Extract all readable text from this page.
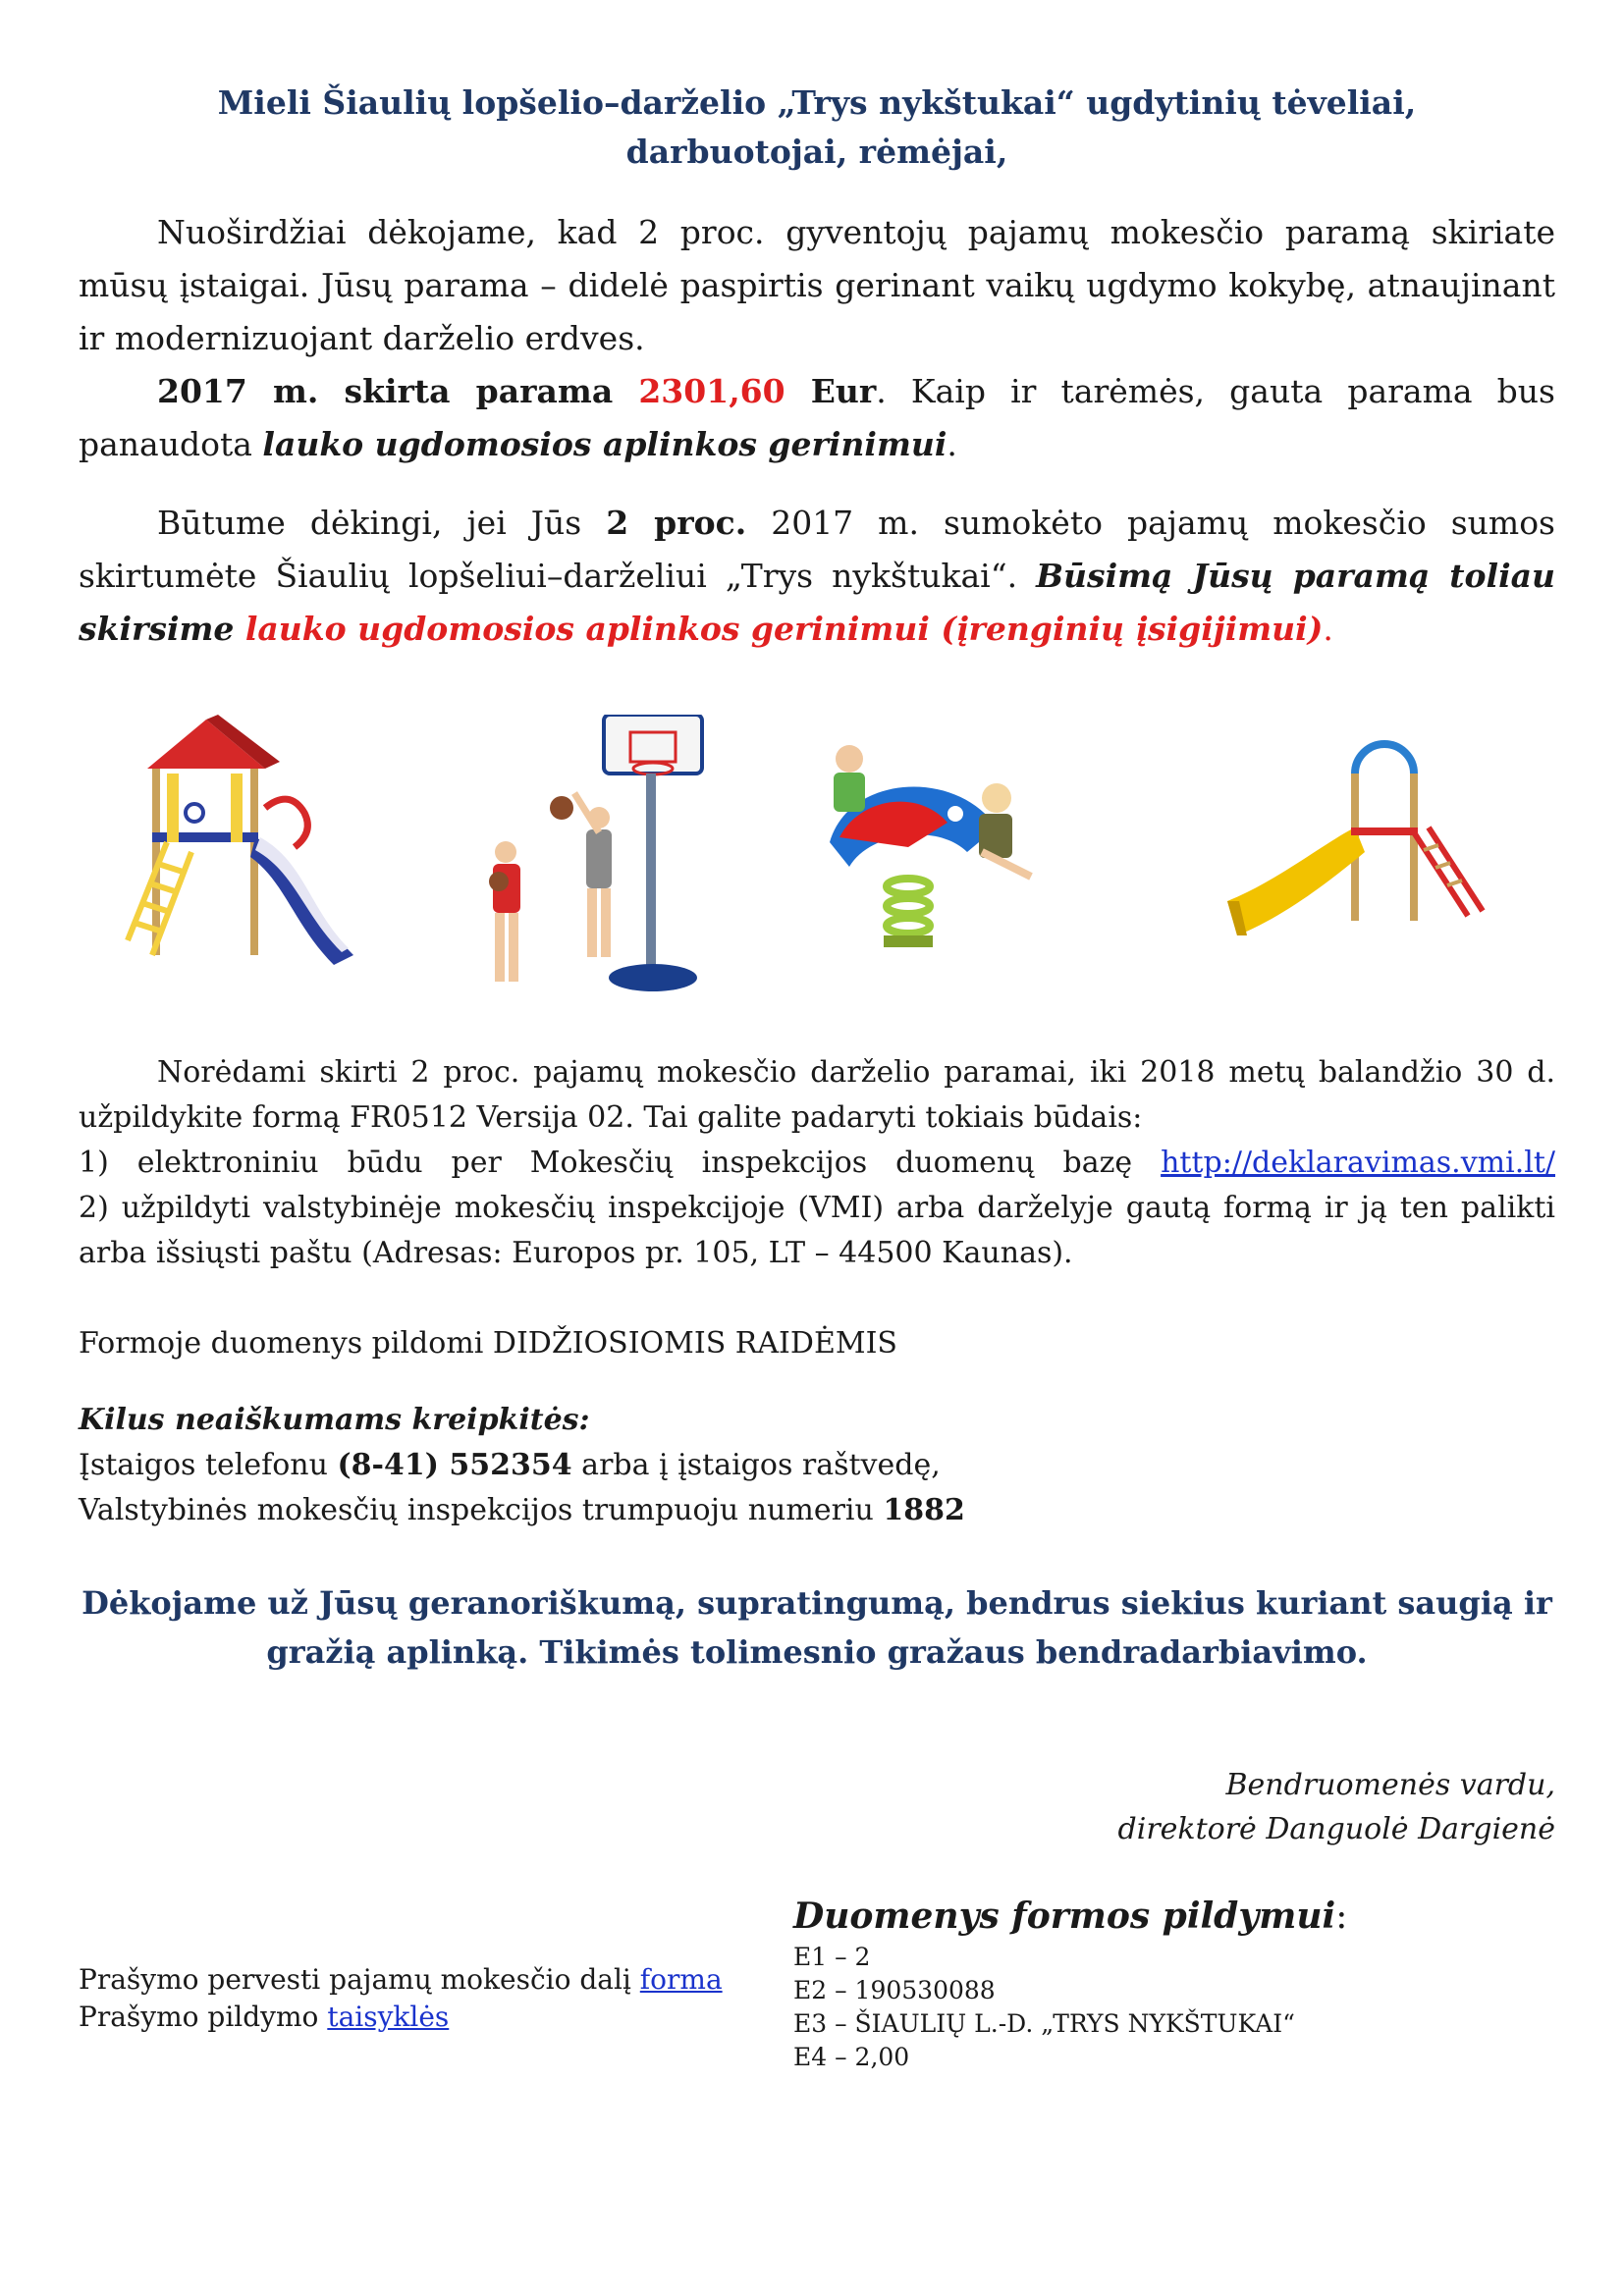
Mieli Šiaulių lopšelio–darželio „Trys nykštukai“ ugdytinių tėveliai,

darbuotojai, rėmėjai,

Nuoširdžiai dėkojame, kad 2 proc. gyventojų pajamų mokesčio paramą skiriate mūsų įstaigai. Jūsų parama – didelė paspirtis gerinant vaikų ugdymo kokybę, atnaujinant ir modernizuojant darželio erdves.

2017 m. skirta parama 2301,60 Eur. Kaip ir tarėmės, gauta parama bus panaudota lauko ugdomosios aplinkos gerinimui.

Būtume dėkingi, jei Jūs 2 proc. 2017 m. sumokėto pajamų mokesčio sumos skirtumėte Šiaulių lopšeliui–darželiui „Trys nykštukai“. Būsimą Jūsų paramą toliau skirsime lauko ugdomosios aplinkos gerinimui (įrenginių įsigijimui).

Norėdami skirti 2 proc. pajamų mokesčio darželio paramai, iki 2018 metų balandžio 30 d. užpildykite formą FR0512 Versija 02. Tai galite padaryti tokiais būdais:

1) elektroniniu būdu per Mokesčių inspekcijos duomenų bazę http://deklaravimas.vmi.lt/

2) užpildyti valstybinėje mokesčių inspekcijoje (VMI) arba darželyje gautą formą ir ją ten palikti arba išsiųsti paštu (Adresas: Europos pr. 105, LT – 44500 Kaunas).

Formoje duomenys pildomi DIDŽIOSIOMIS RAIDĖMIS

Kilus neaiškumams kreipkitės:

Įstaigos telefonu (8-41) 552354 arba į įstaigos raštvedę,

Valstybinės mokesčių inspekcijos trumpuoju numeriu 1882

Dėkojame už Jūsų geranoriškumą, supratingumą, bendrus siekius kuriant saugią ir

gražią aplinką. Tikimės tolimesnio gražaus bendradarbiavimo.

Bendruomenės vardu,

direktorė Danguolė Dargienė

Prašymo pervesti pajamų mokesčio dalį forma
Prašymo pildymo taisyklės

Duomenys formos pildymui:

E1 – 2

E2 – 190530088

E3 – ŠIAULIŲ L.-D. „TRYS NYKŠTUKAI“

E4 – 2,00
